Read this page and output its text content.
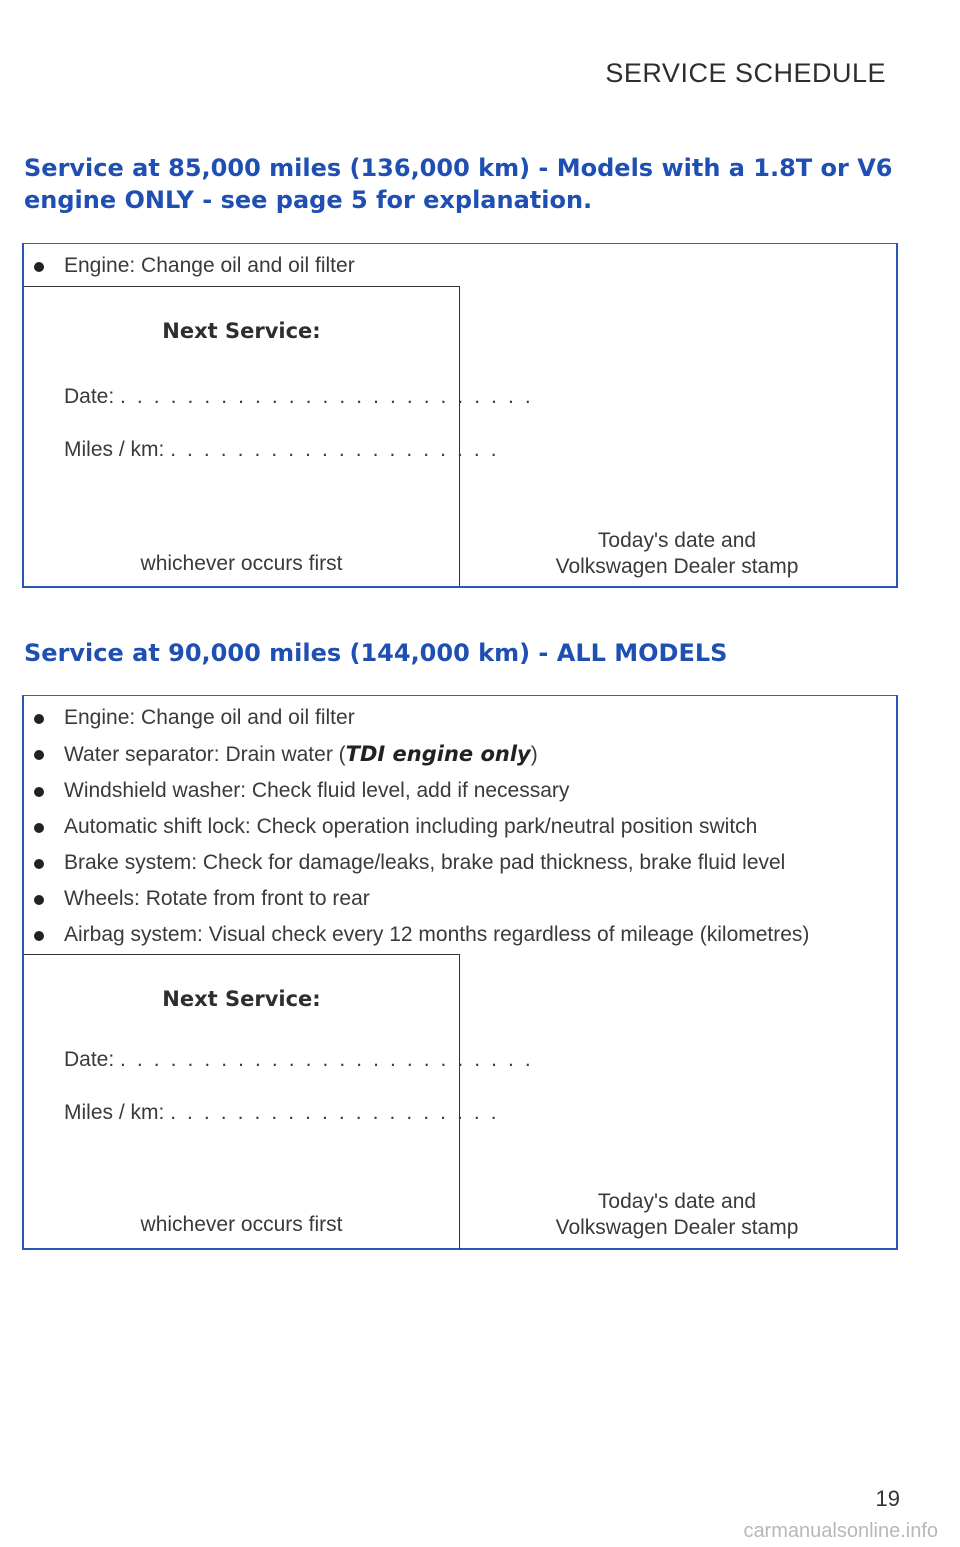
SERVICE SCHEDULE
Service at 85,000 miles (136,000 km) - Models with a 1.8T or V6 engine ONLY - see page 5 for explanation.
Engine: Change oil and oil filter
Next Service:
Date: . . . . . . . . . . . . . . . . . . . . . . . . .
Miles / km: . . . . . . . . . . . . . . . . . . . .
whichever occurs first
Today's date and
Volkswagen Dealer stamp
Service at 90,000 miles (144,000 km) - ALL MODELS
Engine: Change oil and oil filter
Water separator: Drain water (TDI engine only)
Windshield washer: Check fluid level, add if necessary
Automatic shift lock: Check operation including park/neutral position switch
Brake system: Check for damage/leaks, brake pad thickness, brake fluid level
Wheels: Rotate from front to rear
Airbag system: Visual check every 12 months regardless of mileage (kilometres)
Next Service:
Date: . . . . . . . . . . . . . . . . . . . . . . . . .
Miles / km: . . . . . . . . . . . . . . . . . . . .
whichever occurs first
Today's date and
Volkswagen Dealer stamp
19
carmanualsonline.info
